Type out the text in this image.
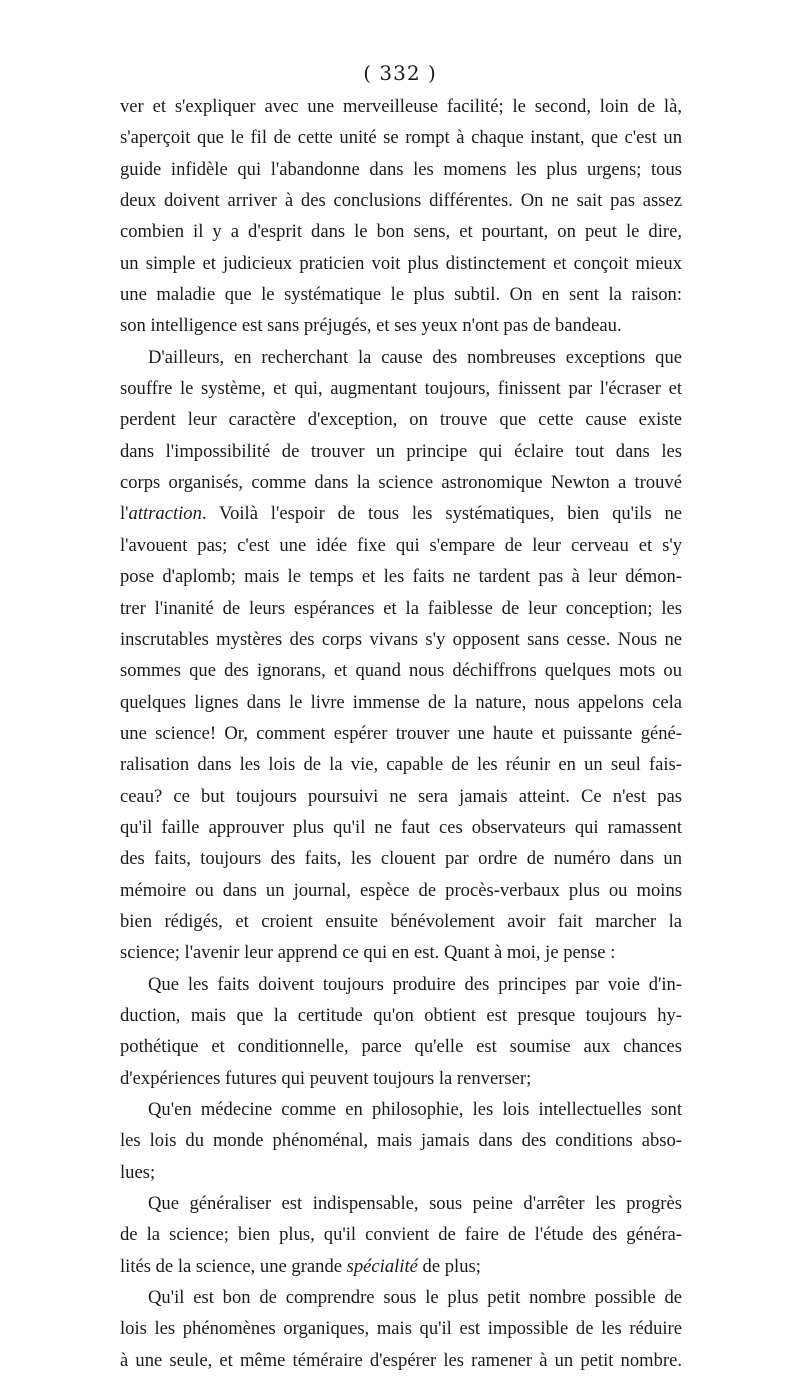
( 332 )
ver et s'expliquer avec une merveilleuse facilité; le second, loin de là,
s'aperçoit que le fil de cette unité se rompt à chaque instant, que c'est un
guide infidèle qui l'abandonne dans les momens les plus urgens; tous
deux doivent arriver à des conclusions différentes. On ne sait pas assez
combien il y a d'esprit dans le bon sens, et pourtant, on peut le dire,
un simple et judicieux praticien voit plus distinctement et conçoit mieux
une maladie que le systématique le plus subtil. On en sent la raison:
son intelligence est sans préjugés, et ses yeux n'ont pas de bandeau.
D'ailleurs, en recherchant la cause des nombreuses exceptions que
souffre le système, et qui, augmentant toujours, finissent par l'écraser et
perdent leur caractère d'exception, on trouve que cette cause existe
dans l'impossibilité de trouver un principe qui éclaire tout dans les
corps organisés, comme dans la science astronomique Newton a trouvé
l'attraction. Voilà l'espoir de tous les systématiques, bien qu'ils ne
l'avouent pas; c'est une idée fixe qui s'empare de leur cerveau et s'y
pose d'aplomb; mais le temps et les faits ne tardent pas à leur démon-
trer l'inanité de leurs espérances et la faiblesse de leur conception; les
inscrutables mystères des corps vivans s'y opposent sans cesse. Nous ne
sommes que des ignorans, et quand nous déchiffrons quelques mots ou
quelques lignes dans le livre immense de la nature, nous appelons cela
une science! Or, comment espérer trouver une haute et puissante géné-
ralisation dans les lois de la vie, capable de les réunir en un seul fais-
ceau? ce but toujours poursuivi ne sera jamais atteint. Ce n'est pas
qu'il faille approuver plus qu'il ne faut ces observateurs qui ramassent
des faits, toujours des faits, les clouent par ordre de numéro dans un
mémoire ou dans un journal, espèce de procès-verbaux plus ou moins
bien rédigés, et croient ensuite bénévolement avoir fait marcher la
science; l'avenir leur apprend ce qui en est. Quant à moi, je pense :
Que les faits doivent toujours produire des principes par voie d'in-
duction, mais que la certitude qu'on obtient est presque toujours hy-
pothétique et conditionnelle, parce qu'elle est soumise aux chances
d'expériences futures qui peuvent toujours la renverser;
Qu'en médecine comme en philosophie, les lois intellectuelles sont
les lois du monde phénoménal, mais jamais dans des conditions abso-
lues;
Que généraliser est indispensable, sous peine d'arrêter les progrès
de la science; bien plus, qu'il convient de faire de l'étude des généra-
lités de la science, une grande spécialité de plus;
Qu'il est bon de comprendre sous le plus petit nombre possible de
lois les phénomènes organiques, mais qu'il est impossible de les réduire
à une seule, et même téméraire d'espérer les ramener à un petit nombre.
